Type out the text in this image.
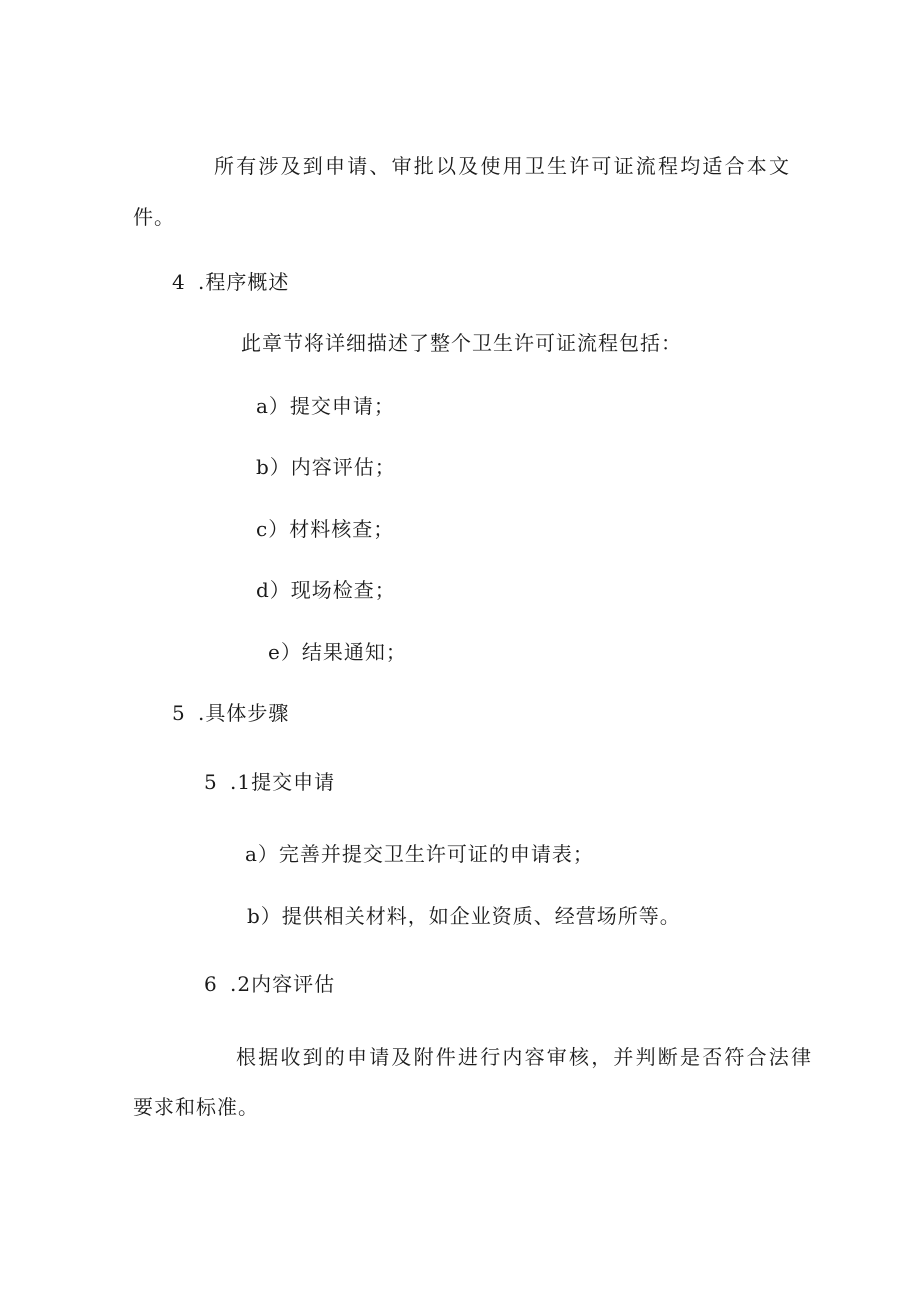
所有涉及到申请、审批以及使用卫生许可证流程均适合本文
件。
4 .程序概述
此章节将详细描述了整个卫生许可证流程包括：
a）提交申请；
b）内容评估；
c）材料核查；
d）现场检查；
e）结果通知；
5 .具体步骤
5 .1提交申请
a）完善并提交卫生许可证的申请表；
b）提供相关材料，如企业资质、经营场所等。
6 .2内容评估
根据收到的申请及附件进行内容审核，并判断是否符合法律
要求和标准。
